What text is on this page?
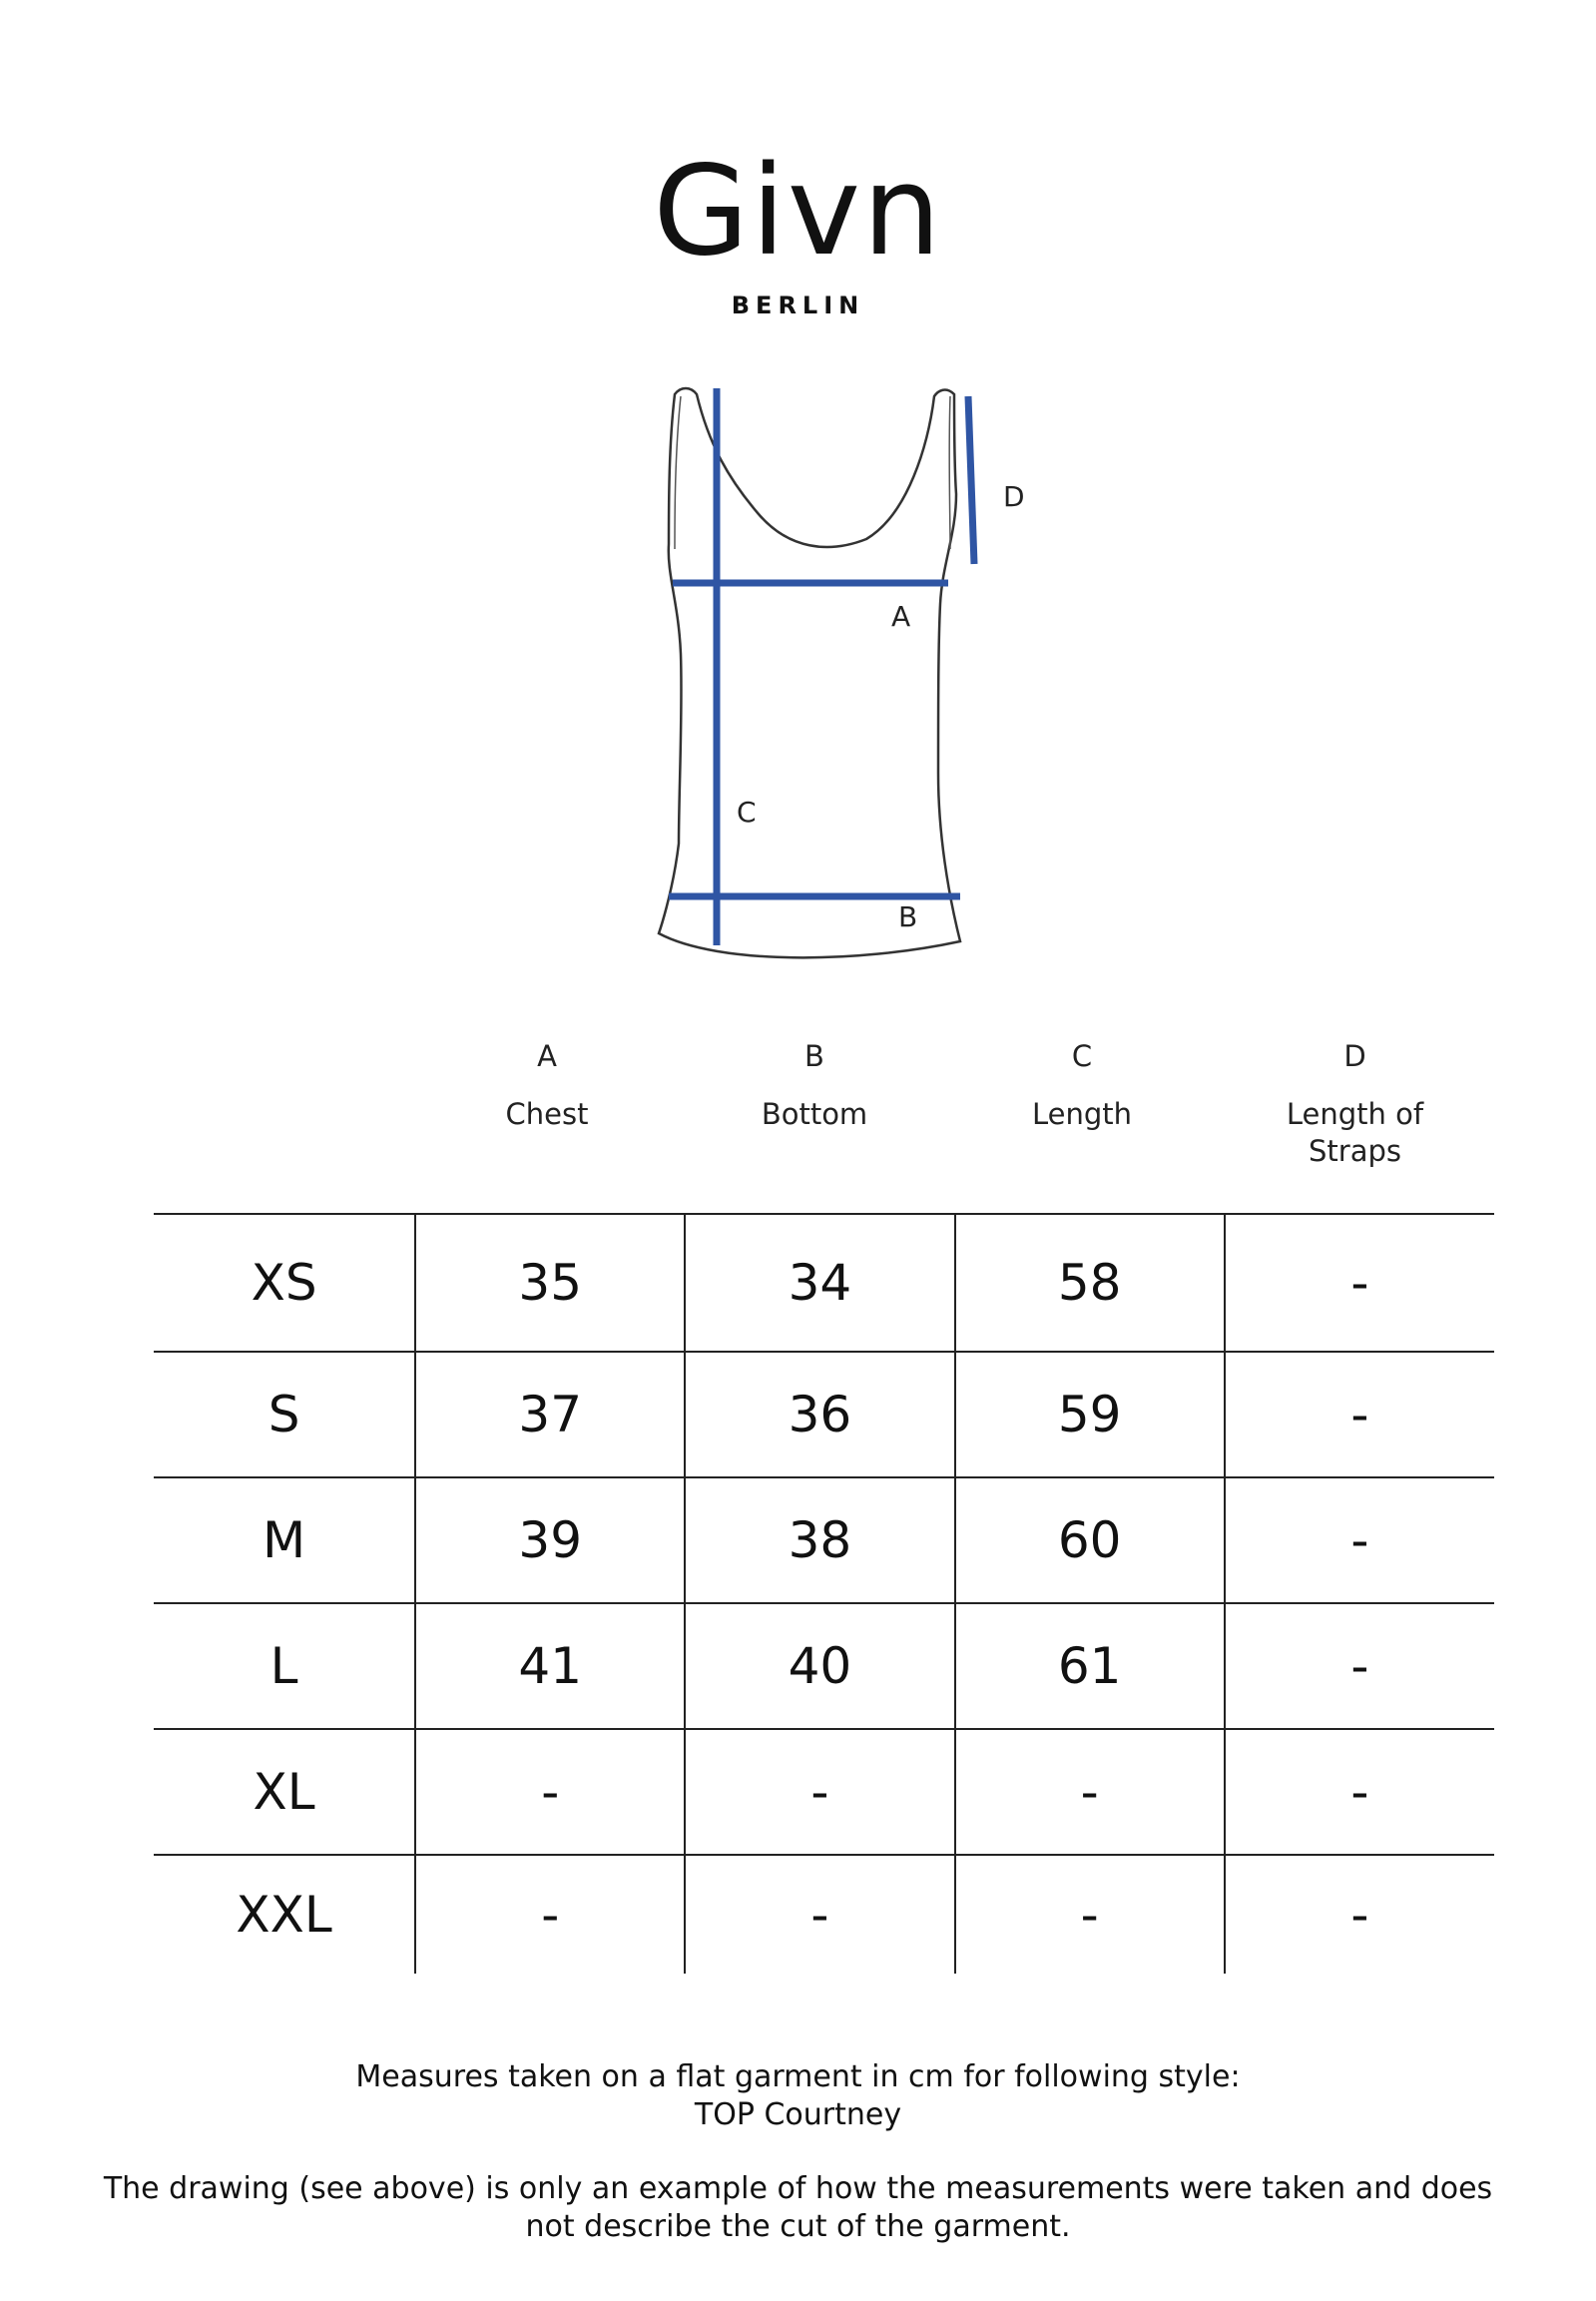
Givn
BERLIN
D
A
C
B
A
Chest
B
Bottom
C
Length
D
Length of Straps
XS	35	34	58	-
S	37	36	59	-
M	39	38	60	-
L	41	40	61	-
XL	-	-	-	-
XXL	-	-	-	-

Measures taken on a flat garment in cm for following style:

TOP Courtney

The drawing (see above) is only an example of how the measurements were taken and does

not describe the cut of the garment.
